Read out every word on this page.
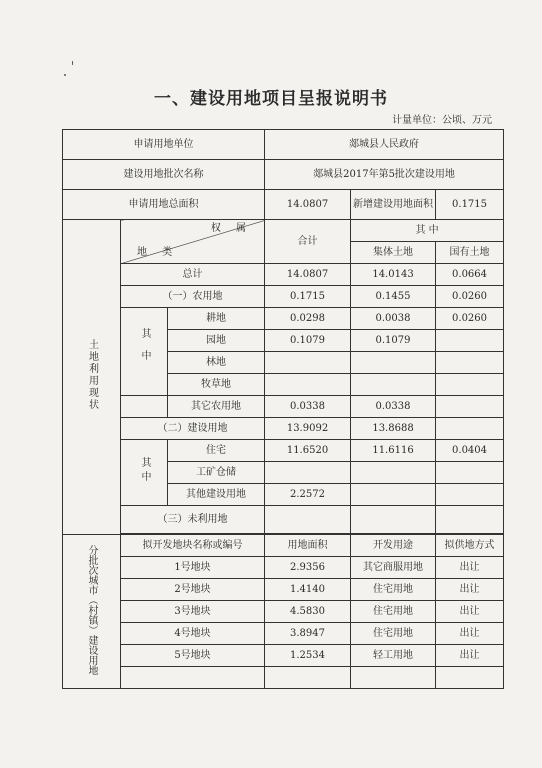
一、建设用地项目呈报说明书
计量单位：公顷、万元
申请用地单位			郯城县人民政府		
建设用地批次名称			郯城县2017年第5批次建设用地		
申请用地总面积			14.0807	新增建设用地面积	0.1715
土地利用现状	权 属
地 类		合计	其 中	
				集体土地	国有土地
	总计		14.0807	14.0143	0.0664
	（一）农用地		0.1715	0.1455	0.0260
	其中	耕地	0.0298	0.0038	0.0260
		园地	0.1079	0.1079	
		林地			
		牧草地			
		其它农用地	0.0338	0.0338	
	（二）建设用地		13.9092	13.8688	
	其中	住宅	11.6520	11.6116	0.0404
		工矿仓储			
		其他建设用地	2.2572		
	（三）未利用地				

分批次城市（村镇）建设用地	拟开发地块名称或编号		用地面积	开发用途	拟供地方式
	1号地块		2.9356	其它商服用地	出让
	2号地块		1.4140	住宅用地	出让
	3号地块		4.5830	住宅用地	出让
	4号地块		3.8947	住宅用地	出让
	5号地块		1.2534	轻工用地	出让
